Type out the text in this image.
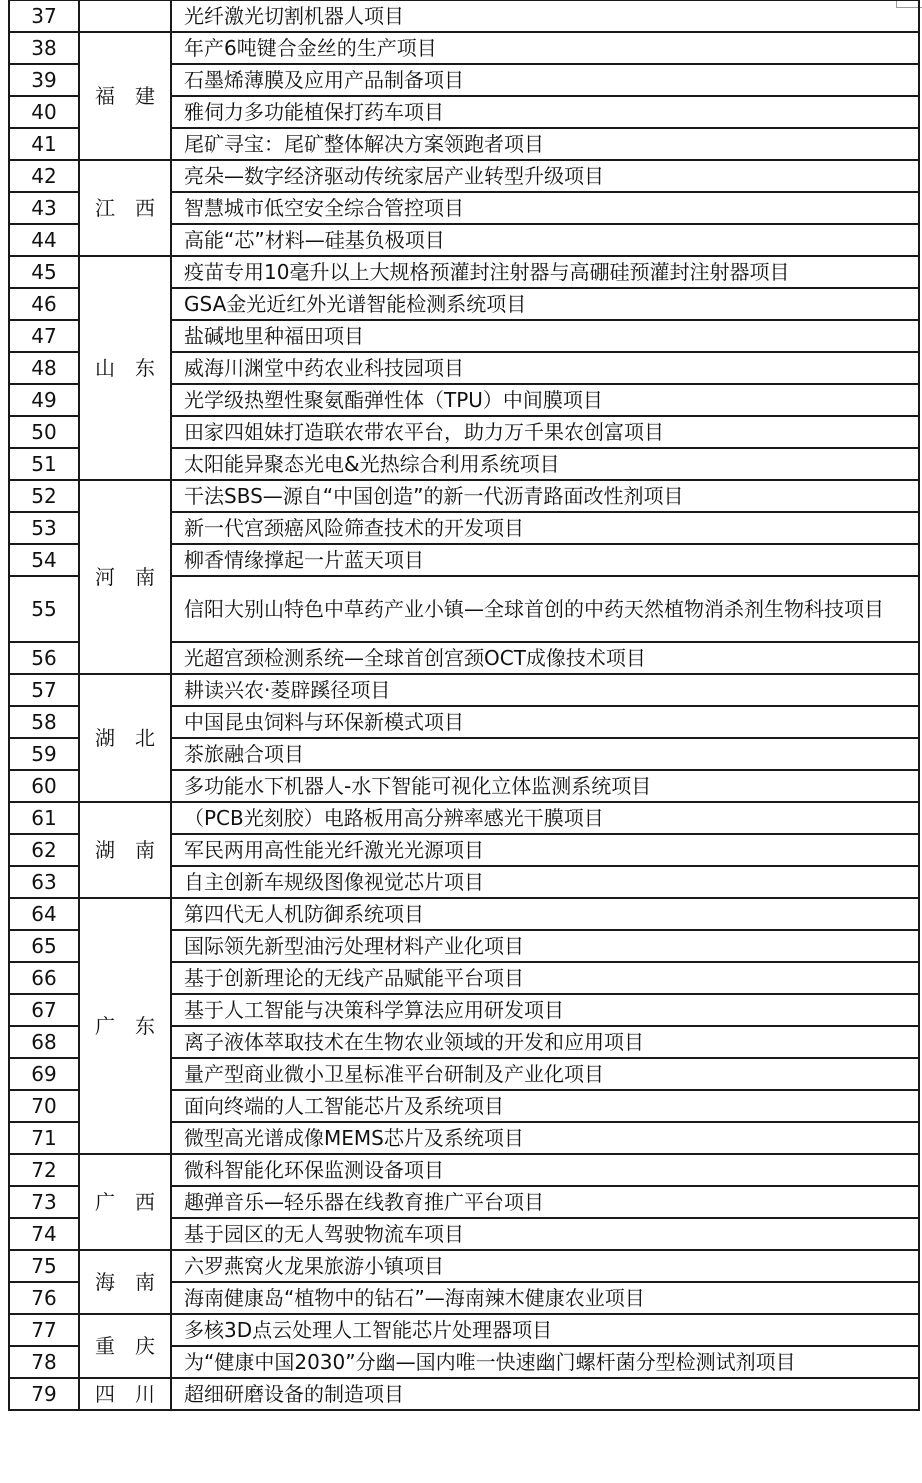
37		光纤激光切割机器人项目
38	福　建	年产6吨键合金丝的生产项目
39		石墨烯薄膜及应用产品制备项目
40		雅伺力多功能植保打药车项目
41		尾矿寻宝：尾矿整体解决方案领跑者项目
42	江　西	亮朵—数字经济驱动传统家居产业转型升级项目
43		智慧城市低空安全综合管控项目
44		高能“芯”材料—硅基负极项目
45	山　东	疫苗专用10毫升以上大规格预灌封注射器与高硼硅预灌封注射器项目
46		GSA金光近红外光谱智能检测系统项目
47		盐碱地里种福田项目
48		威海川渊堂中药农业科技园项目
49		光学级热塑性聚氨酯弹性体（TPU）中间膜项目
50		田家四姐妹打造联农带农平台，助力万千果农创富项目
51		太阳能异聚态光电&光热综合利用系统项目
52	河　南	干法SBS—源自“中国创造”的新一代沥青路面改性剂项目
53		新一代宫颈癌风险筛查技术的开发项目
54		柳香情缘撑起一片蓝天项目
55		信阳大别山特色中草药产业小镇—全球首创的中药天然植物消杀剂生物科技项目
56		光超宫颈检测系统—全球首创宫颈OCT成像技术项目
57	湖　北	耕读兴农·菱辟蹊径项目
58		中国昆虫饲料与环保新模式项目
59		茶旅融合项目
60		多功能水下机器人-水下智能可视化立体监测系统项目
61	湖　南	（PCB光刻胶）电路板用高分辨率感光干膜项目
62		军民两用高性能光纤激光光源项目
63		自主创新车规级图像视觉芯片项目
64	广　东	第四代无人机防御系统项目
65		国际领先新型油污处理材料产业化项目
66		基于创新理论的无线产品赋能平台项目
67		基于人工智能与决策科学算法应用研发项目
68		离子液体萃取技术在生物农业领域的开发和应用项目
69		量产型商业微小卫星标准平台研制及产业化项目
70		面向终端的人工智能芯片及系统项目
71		微型高光谱成像MEMS芯片及系统项目
72	广　西	微科智能化环保监测设备项目
73		趣弹音乐—轻乐器在线教育推广平台项目
74		基于园区的无人驾驶物流车项目
75	海　南	六罗燕窝火龙果旅游小镇项目
76		海南健康岛“植物中的钻石”—海南辣木健康农业项目
77	重　庆	多核3D点云处理人工智能芯片处理器项目
78		为“健康中国2030”分幽—国内唯一快速幽门螺杆菌分型检测试剂项目
79	四　川	超细研磨设备的制造项目
